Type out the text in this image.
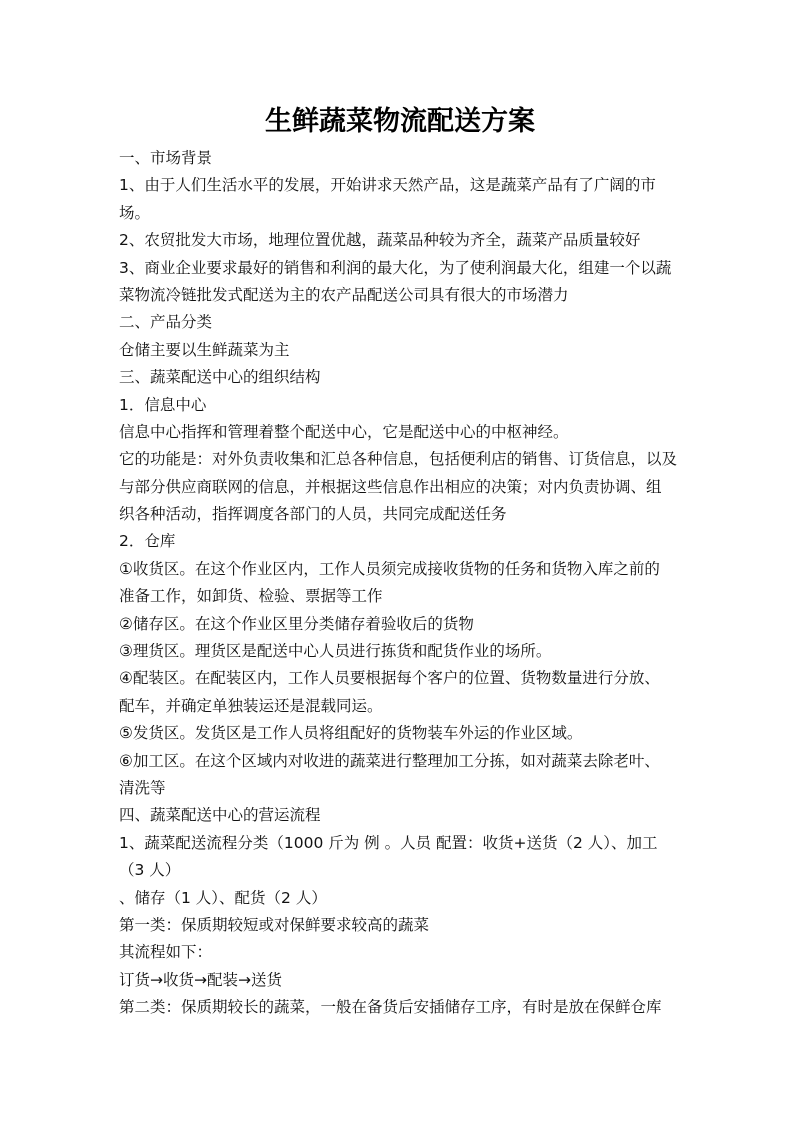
生鲜蔬菜物流配送方案
一、市场背景
1、由于人们生活水平的发展，开始讲求天然产品，这是蔬菜产品有了广阔的市
场。
2、农贸批发大市场，地理位置优越，蔬菜品种较为齐全，蔬菜产品质量较好
3、商业企业要求最好的销售和利润的最大化，为了使利润最大化，组建一个以蔬
菜物流冷链批发式配送为主的农产品配送公司具有很大的市场潜力
二、产品分类
仓储主要以生鲜蔬菜为主
三、蔬菜配送中心的组织结构
1．信息中心
信息中心指挥和管理着整个配送中心，它是配送中心的中枢神经。
它的功能是：对外负责收集和汇总各种信息，包括便利店的销售、订货信息，以及
与部分供应商联网的信息，并根据这些信息作出相应的决策；对内负责协调、组
织各种活动，指挥调度各部门的人员，共同完成配送任务
2．仓库
①收货区。在这个作业区内，工作人员须完成接收货物的任务和货物入库之前的
准备工作，如卸货、检验、票据等工作
②储存区。在这个作业区里分类储存着验收后的货物
③理货区。理货区是配送中心人员进行拣货和配货作业的场所。
④配装区。在配装区内，工作人员要根据每个客户的位置、货物数量进行分放、
配车，并确定单独装运还是混载同运。
⑤发货区。发货区是工作人员将组配好的货物装车外运的作业区域。
⑥加工区。在这个区域内对收进的蔬菜进行整理加工分拣，如对蔬菜去除老叶、
清洗等
四、蔬菜配送中心的营运流程
1、蔬菜配送流程分类（1000 斤为 例 。人员 配置：收货+送货（2 人）、加工
（3 人）
、储存（1 人）、配货（2 人）
第一类：保质期较短或对保鲜要求较高的蔬菜
其流程如下：
订货→收货→配装→送货
第二类：保质期较长的蔬菜，一般在备货后安插储存工序，有时是放在保鲜仓库
